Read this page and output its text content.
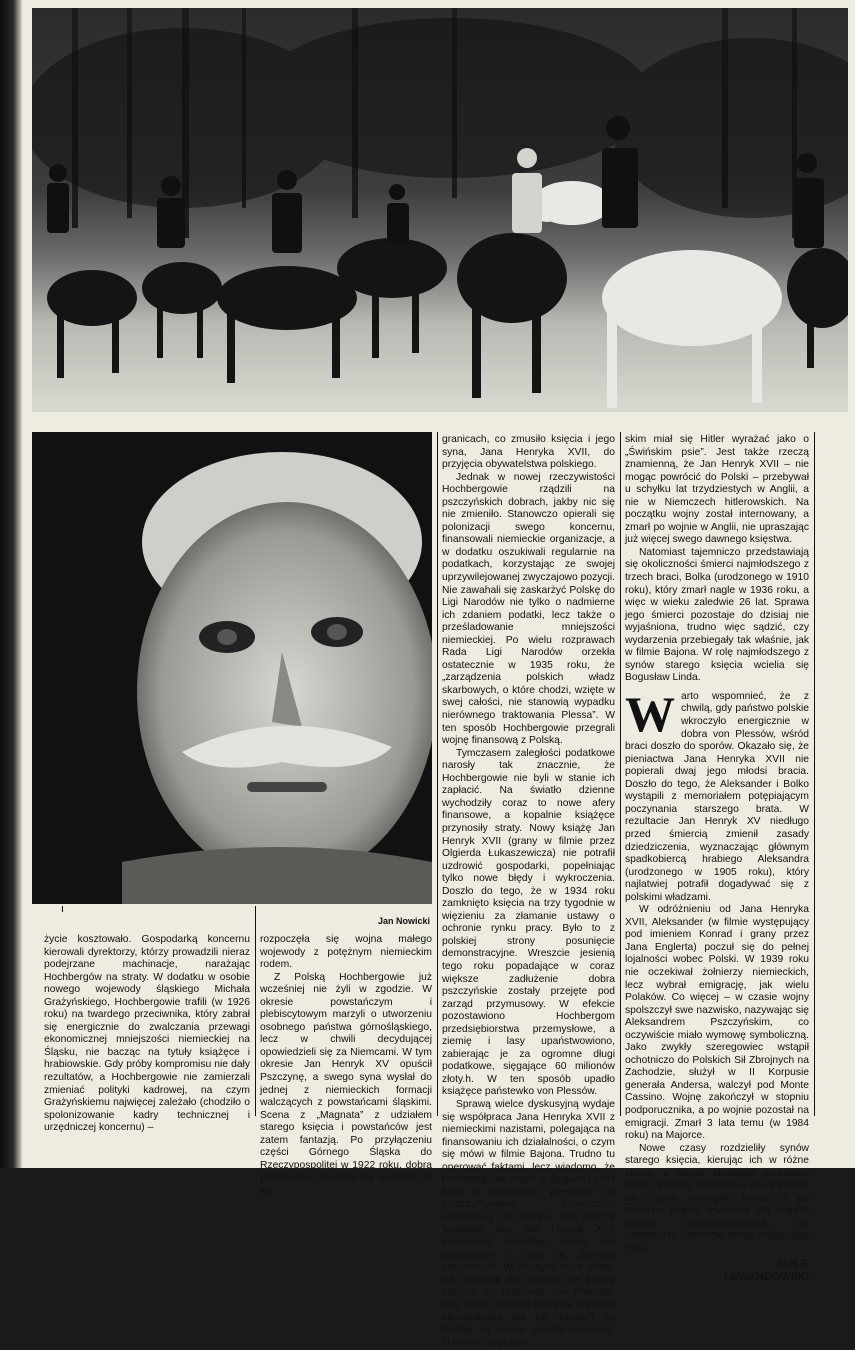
Jan Nowicki

życie kosztowało. Gospodarką koncernu kierowali dyrektorzy, którzy prowadzili nieraz podejrzane machinacje, narażając Hochbergów na straty. W dodatku w osobie nowego wojewody śląskiego Michała Grażyńskiego, Hochbergowie trafili (w 1926 roku) na twardego przeciwnika, który zabrał się energicznie do zwalczania przewagi ekonomicznej mniejszości niemieckiej na Śląsku, nie bacząc na tytuły książęce i hrabiowskie. Gdy próby kompromisu nie dały rezultatów, a Hochbergowie nie zamierzali zmieniać polityki kadrowej, na czym Grażyńskiemu najwięcej zależało (chodziło o spolonizowanie kadry technicznej i urzędniczej koncernu) –

rozpoczęła się wojna małego wojewody z potężnym niemieckim rodem.

Z Polską Hochbergowie już wcześniej nie żyli w zgodzie. W okresie powstańczym i plebiscytowym marzyli o utworzeniu osobnego państwa górnośląskiego, lecz w chwili decydującej opowiedzieli się za Niemcami. W tym okresie Jan Henryk XV opuścił Pszczynę, a swego syna wysłał do jednej z niemieckich formacji walczących z powstańcami śląskimi. Scena z „Magnata” z udziałem starego księcia i powstańców jest zatem fantazją. Po przyłączeniu części Górnego Śląska do Rzeczypospolitej w 1922 roku, dobra pszczyńskie znalazły się w całości w jej

granicach, co zmusiło księcia i jego syna, Jana Henryka XVII, do przyjęcia obywatelstwa polskiego.

Jednak w nowej rzeczywistości Hochbergowie rządzili na pszczyńskich dobrach, jakby nic się nie zmieniło. Stanowczo opierali się polonizacji swego koncernu, finansowali niemieckie organizacje, a w dodatku oszukiwali regularnie na podatkach, korzystając ze swojej uprzywilejowanej zwyczajowo pozycji. Nie zawahali się zaskarżyć Polskę do Ligi Narodów nie tylko o nadmierne ich zdaniem podatki, lecz także o prześladowanie mniejszości niemieckiej. Po wielu rozprawach Rada Ligi Narodów orzekła ostatecznie w 1935 roku, że „zarządzenia polskich władz skarbowych, o które chodzi, wzięte w swej całości, nie stanowią wypadku nierównego traktowania Plessa”. W ten sposób Hochbergowie przegrali wojnę finansową z Polską.

Tymczasem zaległości podatkowe narosły tak znacznie, że Hochbergowie nie byli w stanie ich zapłacić. Na światło dzienne wychodziły coraz to nowe afery finansowe, a kopalnie książęce przynosiły straty. Nowy książę Jan Henryk XVII (grany w filmie przez Olgierda Łukaszewicza) nie potrafił uzdrowić gospodarki, popełniając tylko nowe błędy i wykroczenia. Doszło do tego, że w 1934 roku zamknięto księcia na trzy tygodnie w więzieniu za złamanie ustawy o ochronie rynku pracy. Było to z polskiej strony posunięcie demonstracyjne. Wreszcie jesienią tego roku popadające w coraz większe zadłużenie dobra pszczyńskie zostały przejęte pod zarząd przymusowy. W efekcie pozostawiono Hochbergom przedsiębiorstwa przemysłowe, a ziemię i lasy upaństwowiono, zabierając je za ogromne długi podatkowe, sięgające 60 milionów złoty.h. W ten sposób upadło książęce państewko von Plessów.

Sprawą wielce dyskusyjną wydaje się współpraca Jana Henryka XVII z niemieckimi nazistami, polegająca na finansowaniu ich działalności, o czym się mówi w filmie Bajona. Trudno tu operować faktami, lecz wiadomo, że Hochbergowie tonęli w długach i sami brali w Niemczech pieniądze na podtrzymywanie mniejszości niemieckiej na Śląsku. Jest rzeczą wątpliwą, aby Jan Henryk XVII finansował nazistów, skoro nie pozostawał z nimi w dobrych stosunkach. W każdym razie Hitler, gdy doszedł do władzy, nie kiwnął palcem, by uratować von Plessów, lecz nawet wycofał poparcie państwa niemieckiego dla ich zażaleń na Polskę na arenie międzynarodowej. O księciu pszczyń-

skim miał się Hitler wyrażać jako o „Świńskim psie”. Jest także rzeczą znamienną, że Jan Henryk XVII – nie mogąc powrócić do Polski – przebywał u schyłku lat trzydziestych w Anglii, a nie w Niemczech hitlerowskich. Na początku wojny został internowany, a zmarł po wojnie w Anglii, nie upraszając już więcej swego dawnego księstwa.

Natomiast tajemniczo przedstawiają się okoliczności śmierci najmłodszego z trzech braci, Bolka (urodzonego w 1910 roku), który zmarł nagle w 1936 roku, a więc w wieku zaledwie 26 lat. Sprawa jego śmierci pozostaje do dzisiaj nie wyjaśniona, trudno więc sądzić, czy wydarzenia przebiegały tak właśnie, jak w filmie Bajona. W rolę najmłodszego z synów starego księcia wcielia się Bogusław Linda.

Warto wspomnieć, że z chwilą, gdy państwo polskie wkroczyło energicznie w dobra von Plessów, wśród braci doszło do sporów. Okazało się, że pieniactwa Jana Henryka XVII nie popierali dwaj jego młodsi bracia. Doszło do tego, że Aleksander i Bolko wystąpili z memoriałem potępiającym poczynania starszego brata. W rezultacie Jan Henryk XV niedługo przed śmiercią zmienił zasady dziedziczenia, wyznaczając głównym spadkobiercą hrabiego Aleksandra (urodzonego w 1905 roku), który najlatwiej potrafił dogadywać się z polskimi władzami.

W odróżnieniu od Jana Henryka XVII, Aleksander (w filmie występujący pod imieniem Konrad i grany przez Jana Englerta) poczuł się do pełnej lojalności wobec Polski. W 1939 roku nie oczekiwał żołnierzy niemieckich, lecz wybrał emigrację, jak wielu Polaków. Co więcej – w czasie wojny spolszczył swe nazwisko, nazywając się Aleksandrem Pszczyńskim, co oczywiście miało wymowę symboliczną. Jako zwykły szeregowiec wstąpił ochotniczo do Polskich Sił Zbrojnych na Zachodzie, służył w II Korpusie generała Andersa, walczył pod Monte Cassino. Wojnę zakończył w stopniu podporucznika, a po wojnie pozostał na emigracji. Zmarł 3 lata temu (w 1984 roku) na Majorce.

Nowe czasy rozdzieliły synów starego księcia, kierując ich w różne strony, a nawet stawiając przeciwko sobie. Zresztą panowanie von Plessów na Śląsku dobiegało końca, a po ostatniej wojnie wszystkie ich majątki zostały znacjonalizowane, co ostatecznie zamknęło dzieje książęcego rodu.

JAN F.
LEWANDOWSKI
